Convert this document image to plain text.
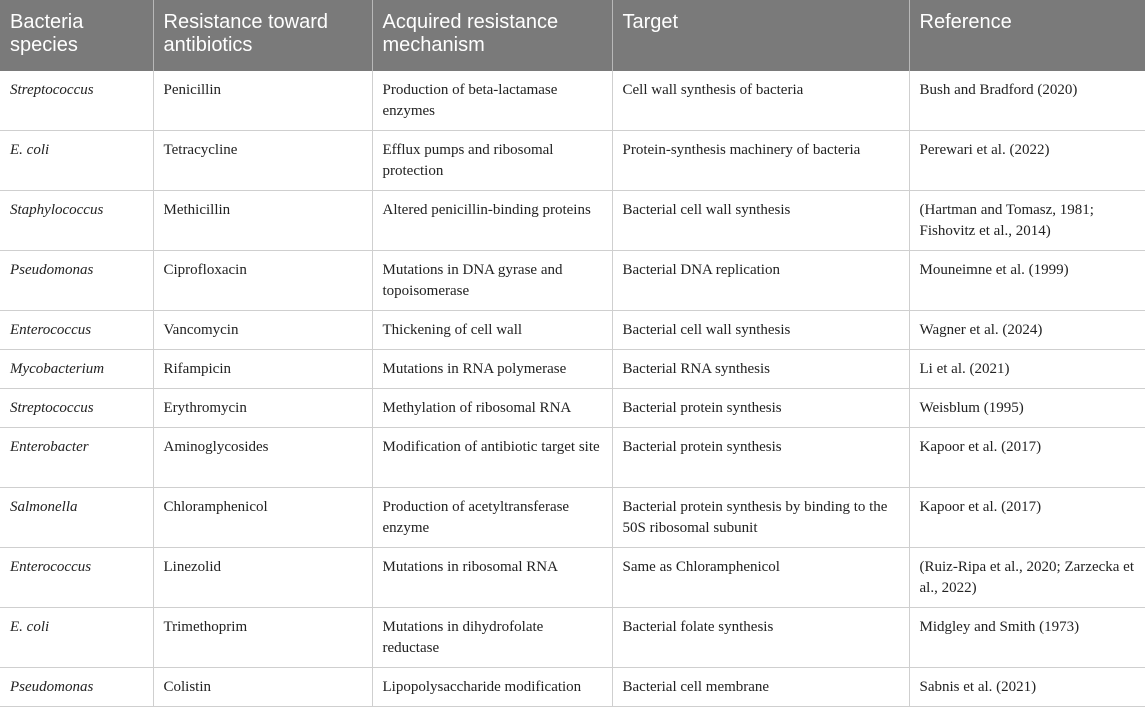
Bacteria species	Resistance toward antibiotics	Acquired resistance mechanism	Target	Reference
Streptococcus	Penicillin	Production of beta-lactamase enzymes	Cell wall synthesis of bacteria	Bush and Bradford (2020)
E. coli	Tetracycline	Efflux pumps and ribosomal protection	Protein-synthesis machinery of bacteria	Perewari et al. (2022)
Staphylococcus	Methicillin	Altered penicillin-binding proteins	Bacterial cell wall synthesis	(Hartman and Tomasz, 1981; Fishovitz et al., 2014)
Pseudomonas	Ciprofloxacin	Mutations in DNA gyrase and topoisomerase	Bacterial DNA replication	Mouneimne et al. (1999)
Enterococcus	Vancomycin	Thickening of cell wall	Bacterial cell wall synthesis	Wagner et al. (2024)
Mycobacterium	Rifampicin	Mutations in RNA polymerase	Bacterial RNA synthesis	Li et al. (2021)
Streptococcus	Erythromycin	Methylation of ribosomal RNA	Bacterial protein synthesis	Weisblum (1995)
Enterobacter	Aminoglycosides	Modification of antibiotic target site	Bacterial protein synthesis	Kapoor et al. (2017)
Salmonella	Chloramphenicol	Production of acetyltransferase enzyme	Bacterial protein synthesis by binding to the 50S ribosomal subunit	Kapoor et al. (2017)
Enterococcus	Linezolid	Mutations in ribosomal RNA	Same as Chloramphenicol	(Ruiz-Ripa et al., 2020; Zarzecka et al., 2022)
E. coli	Trimethoprim	Mutations in dihydrofolate reductase	Bacterial folate synthesis	Midgley and Smith (1973)
Pseudomonas	Colistin	Lipopolysaccharide modification	Bacterial cell membrane	Sabnis et al. (2021)
